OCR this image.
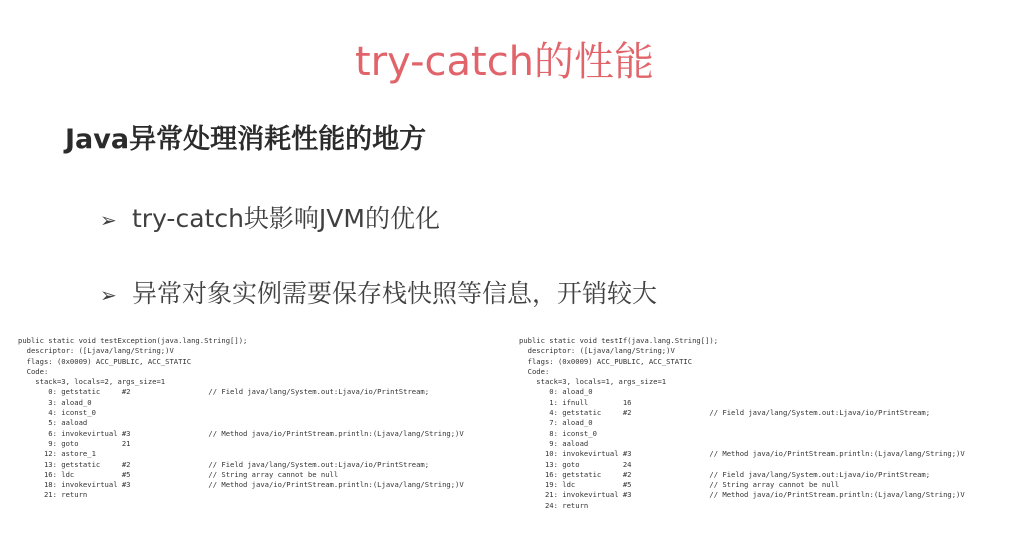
try-catch的性能
Java异常处理消耗性能的地方
➢ try-catch块影响JVM的优化
➢ 异常对象实例需要保存栈快照等信息，开销较大
public static void testException(java.lang.String[]);
descriptor: ([Ljava/lang/String;)V
flags: (0x0009) ACC_PUBLIC, ACC_STATIC
Code:
stack=3, locals=2, args_size=1
0: getstatic     #2                  // Field java/lang/System.out:Ljava/io/PrintStream;
3: aload_0
4: iconst_0
5: aaload
6: invokevirtual #3                  // Method java/io/PrintStream.println:(Ljava/lang/String;)V
9: goto          21
12: astore_1
13: getstatic     #2                  // Field java/lang/System.out:Ljava/io/PrintStream;
16: ldc           #5                  // String array cannot be null
18: invokevirtual #3                  // Method java/io/PrintStream.println:(Ljava/lang/String;)V
21: return
public static void testIf(java.lang.String[]);
descriptor: ([Ljava/lang/String;)V
flags: (0x0009) ACC_PUBLIC, ACC_STATIC
Code:
stack=3, locals=1, args_size=1
0: aload_0
1: ifnull        16
4: getstatic     #2                  // Field java/lang/System.out:Ljava/io/PrintStream;
7: aload_0
8: iconst_0
9: aaload
10: invokevirtual #3                  // Method java/io/PrintStream.println:(Ljava/lang/String;)V
13: goto          24
16: getstatic     #2                  // Field java/lang/System.out:Ljava/io/PrintStream;
19: ldc           #5                  // String array cannot be null
21: invokevirtual #3                  // Method java/io/PrintStream.println:(Ljava/lang/String;)V
24: return
